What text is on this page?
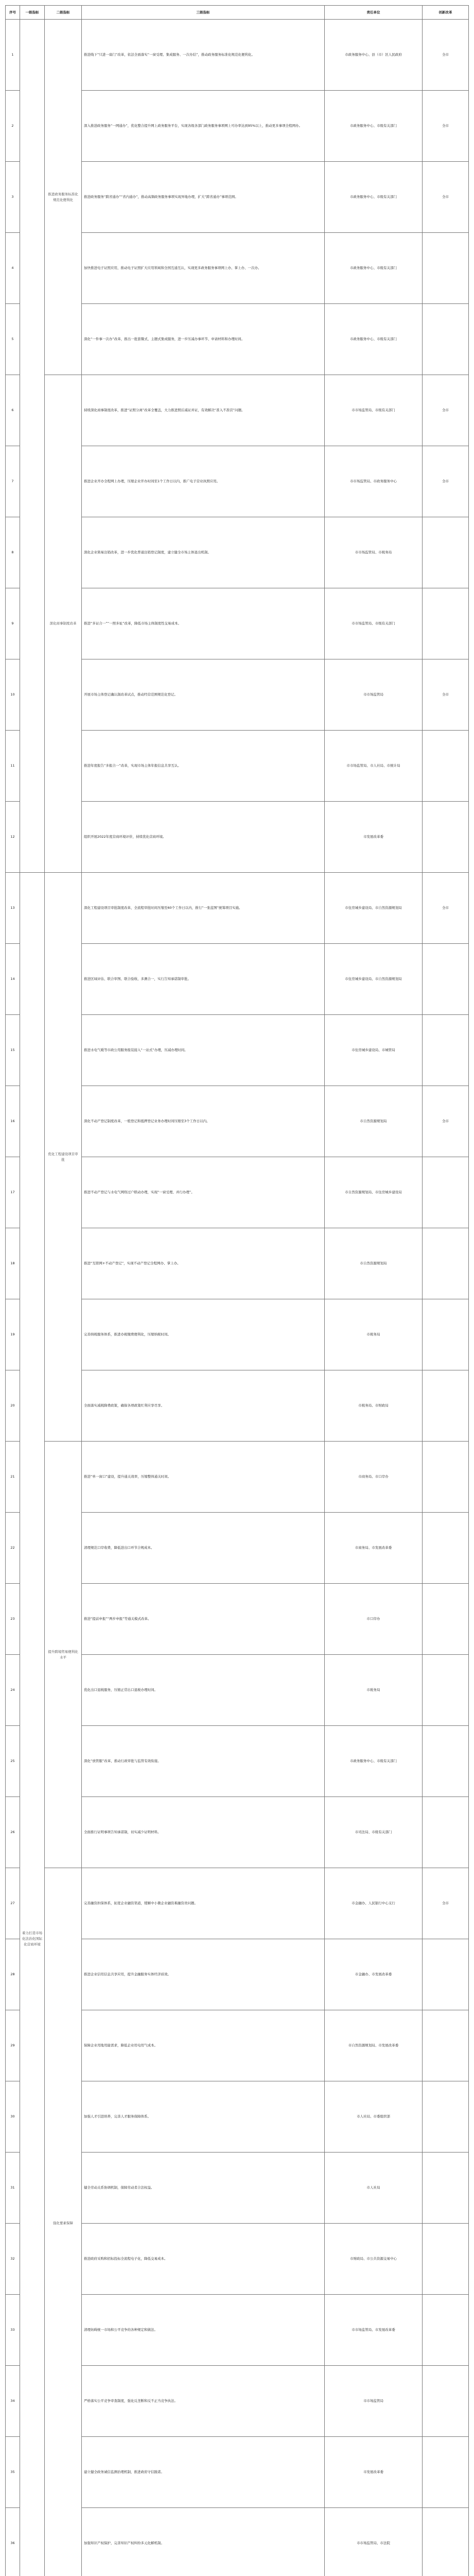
序号	一级指标	二级指标	三级指标	责任单位	创新改革
1		推进政务服务标准化规范化便利化	推进线下“只进一扇门”改革，依法全面落实“一窗受理、集成服务、一次办结”，推动政务服务标准化规范化便利化。	市政务服务中心、县（市）区人民政府	全市
2			深入推进政务服务“一网通办”，优化整合提升网上政务服务平台，实现各级各部门政务服务事项网上可办率达到95%以上，推动更多事项全程网办。	市政务服务中心、市级有关部门	全市
3			推进政务服务“跨省通办”“省内通办”，推动高频政务服务事项实现异地办理，扩大“跨省通办”事项范围。	市政务服务中心、市级有关部门	全市
4			加快推进电子证照应用，推动电子证照扩大应用领域和全国互通互认，实现更多政务服务事项网上办、掌上办、一次办。	市政务服务中心、市级有关部门	
5			深化“一件事一次办”改革，推出一批套餐式、主题式集成服务，进一步压减办事环节、申请材料和办理时间。	市政务服务中心、市级有关部门	
6		深化商事制度改革	持续深化商事制度改革，推进“证照分离”改革全覆盖，大力推进照后减证并证，有效解决“准入不准营”问题。	市市场监管局、市级有关部门	全市
7			推进企业开办全程网上办理，压缩企业开办时间至1个工作日以内，推广电子营业执照应用。	市市场监管局、市政务服务中心	全市
8			深化企业简易注销改革，进一步优化普通注销登记制度，建立健全市场主体退出机制。	市市场监管局、市税务局	
9			推进“多证合一”“一照多址”改革，降低市场主体制度性交易成本。	市市场监管局、市级有关部门	
10			开展市场主体登记确认制改革试点，推动经营范围规范化登记。	市市场监管局	全市
11			推进年度报告“多报合一”改革，实现市场主体年报信息共享互认。	市市场监管局、市人社局、市统计局	
12			组织开展2022年度营商环境评价，持续优化营商环境。	市发展改革委	
13	着力打造市场化法治化国际化营商环境	优化工程建设项目审批	深化工程建设项目审批制度改革，全流程审批时间压缩至60个工作日以内，推行“一张蓝图”统筹项目实施。	市住房城乡建设局、市自然资源规划局	全市
14			推进区域评估、联合审图、联合验收、多测合一，实行告知承诺制审批。	市住房城乡建设局、市自然资源规划局	
15			推进水电气暖等市政公用服务报装接入“一站式”办理，压减办理时间。	市住房城乡建设局、市城管局	
16			深化不动产登记制度改革，一般登记和抵押登记业务办理时间压缩至3个工作日以内。	市自然资源规划局	全市
17			推进不动产登记与水电气网络过户联动办理，实现“一窗受理、并行办理”。	市自然资源规划局、市住房城乡建设局	
18			推进“互联网+不动产登记”，实现不动产登记全程网办、掌上办。	市自然资源规划局	
19			完善纳税服务体系，推进办税缴费便利化，压缩纳税时间。	市税务局	
20			全面落实减税降费政策，确保各项政策红利应享尽享。	市税务局、市财政局	
21		提升跨境贸易便利化水平	推进“单一窗口”建设，提升通关效率，压缩整体通关时间。	市商务局、市口岸办	
22			清理规范口岸收费，降低进出口环节合规成本。	市商务局、市发展改革委	
23			推进“提前申报”“两步申报”等通关模式改革。	市口岸办	
24			优化出口退税服务，压缩正常出口退税办理时间。	市税务局	
25			深化“放管服”改革，推动行政审批与监管有效衔接。	市政务服务中心、市级有关部门	
26			全面推行证明事项告知承诺制，切实减少证明材料。	市司法局、市级有关部门	
27		强化要素保障	完善融资担保体系，拓宽企业融资渠道，缓解中小微企业融资难融资贵问题。	市金融办、人民银行中心支行	全市
28			推进企业信用信息共享应用，提升金融服务实体经济质效。	市金融办、市发展改革委	
29			保障企业用地用能需求，降低企业用电用气成本。	市自然资源规划局、市发展改革委	
30			加强人才引进培养，完善人才服务保障体系。	市人社局、市委组织部	
31			健全劳动关系协调机制，保障劳动者合法权益。	市人社局	
32			推进政府采购和招标投标全流程电子化，降低交易成本。	市财政局、市公共资源交易中心	
33			清理妨碍统一市场和公平竞争的各种规定和做法。	市市场监管局、市发展改革委	
34			严格落实公平竞争审查制度，强化反垄断和反不正当竞争执法。	市市场监管局	
35			建立健全政务诚信监测治理机制，推进政府守信践诺。	市发展改革委	
36			加强知识产权保护，完善知识产权纠纷多元化解机制。	市市场监管局、市法院	
